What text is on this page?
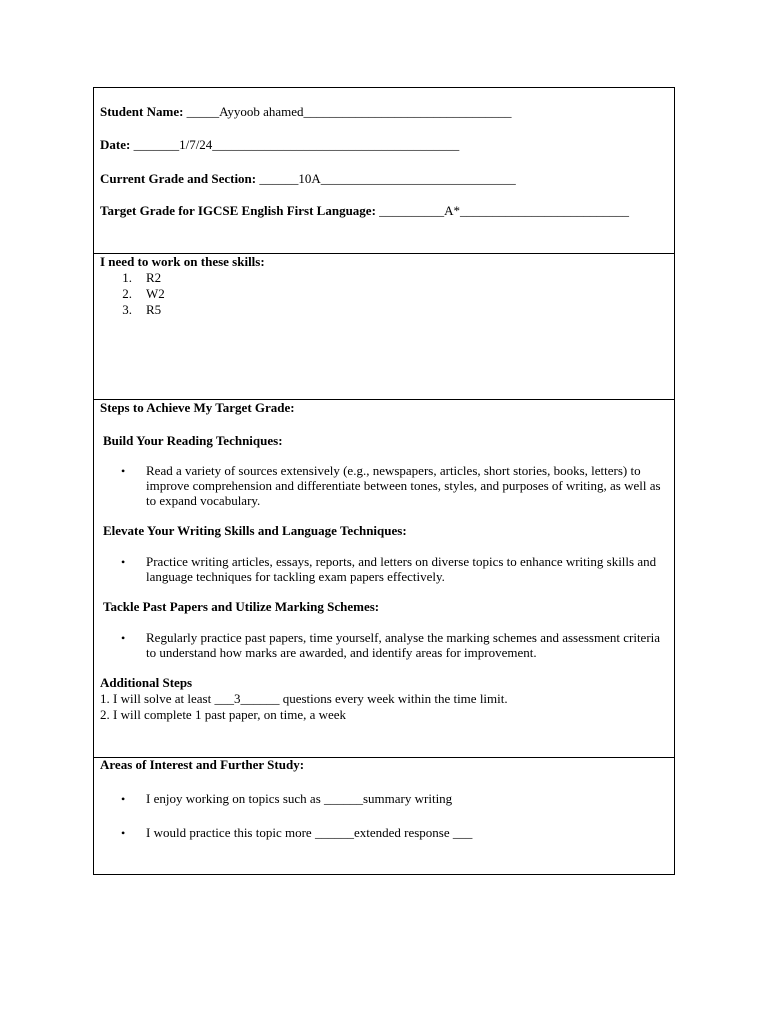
Student Name: _____Ayyoob ahamed________________________________
Date: _______1/7/24______________________________________
Current Grade and Section: ______10A______________________________
Target Grade for IGCSE English First Language: __________A*__________________________
I need to work on these skills:
1. R2
2. W2
3. R5
Steps to Achieve My Target Grade:
Build Your Reading Techniques:
• Read a variety of sources extensively (e.g., newspapers, articles, short stories, books, letters) to improve comprehension and differentiate between tones, styles, and purposes of writing, as well as to expand vocabulary.
Elevate Your Writing Skills and Language Techniques:
• Practice writing articles, essays, reports, and letters on diverse topics to enhance writing skills and language techniques for tackling exam papers effectively.
Tackle Past Papers and Utilize Marking Schemes:
• Regularly practice past papers, time yourself, analyse the marking schemes and assessment criteria to understand how marks are awarded, and identify areas for improvement.
Additional Steps
1. I will solve at least ___3______ questions every week within the time limit.
2. I will complete 1 past paper, on time, a week
Areas of Interest and Further Study:
• I enjoy working on topics such as ______summary writing
• I would practice this topic more ______extended response ___
